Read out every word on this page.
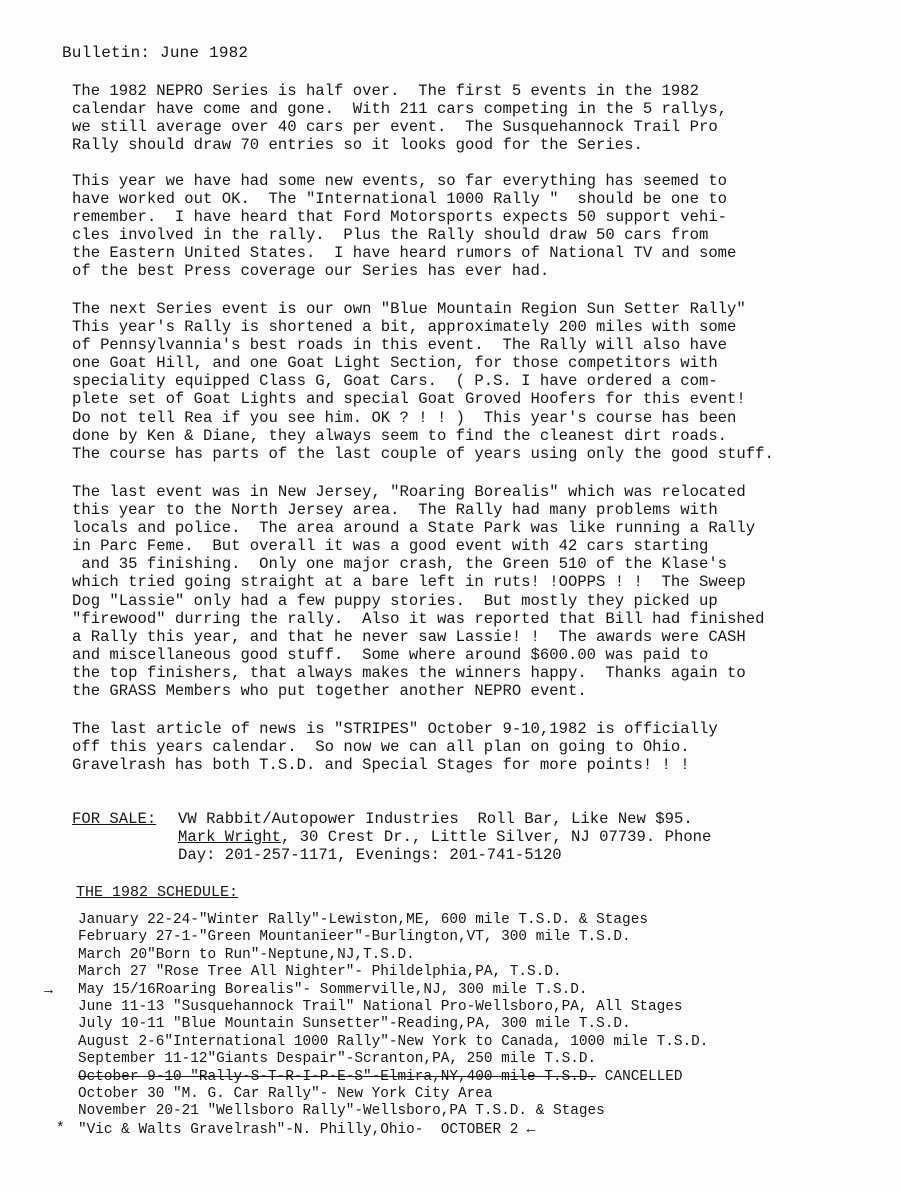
Bulletin: June 1982

The 1982 NEPRO Series is half over.  The first 5 events in the 1982
calendar have come and gone.  With 211 cars competing in the 5 rallys,
we still average over 40 cars per event.  The Susquehannock Trail Pro
Rally should draw 70 entries so it looks good for the Series.

This year we have had some new events, so far everything has seemed to
have worked out OK.  The "International 1000 Rally "  should be one to
remember.  I have heard that Ford Motorsports expects 50 support vehi-
cles involved in the rally.  Plus the Rally should draw 50 cars from
the Eastern United States.  I have heard rumors of National TV and some
of the best Press coverage our Series has ever had.

The next Series event is our own "Blue Mountain Region Sun Setter Rally"
This year's Rally is shortened a bit, approximately 200 miles with some
of Pennsylvannia's best roads in this event.  The Rally will also have
one Goat Hill, and one Goat Light Section, for those competitors with
speciality equipped Class G, Goat Cars.  ( P.S. I have ordered a com-
plete set of Goat Lights and special Goat Groved Hoofers for this event!
Do not tell Rea if you see him. OK ? ! ! )  This year's course has been
done by Ken & Diane, they always seem to find the cleanest dirt roads.
The course has parts of the last couple of years using only the good stuff.

The last event was in New Jersey, "Roaring Borealis" which was relocated
this year to the North Jersey area.  The Rally had many problems with
locals and police.  The area around a State Park was like running a Rally
in Parc Feme.  But overall it was a good event with 42 cars starting
and 35 finishing.  Only one major crash, the Green 510 of the Klase's
which tried going straight at a bare left in ruts! !OOPPS ! !  The Sweep
Dog "Lassie" only had a few puppy stories.  But mostly they picked up
"firewood" durring the rally.  Also it was reported that Bill had finished
a Rally this year, and that he never saw Lassie! !  The awards were CASH
and miscellaneous good stuff.  Some where around $600.00 was paid to
the top finishers, that always makes the winners happy.  Thanks again to
the GRASS Members who put together another NEPRO event.

The last article of news is "STRIPES" October 9-10,1982 is officially
off this years calendar.  So now we can all plan on going to Ohio.
Gravelrash has both T.S.D. and Special Stages for more points! ! !

FOR SALE:	VW Rabbit/Autopower Industries  Roll Bar, Like New $95.
Mark Wright, 30 Crest Dr., Little Silver, NJ 07739. Phone
Day: 201-257-1171, Evenings: 201-741-5120
THE 1982 SCHEDULE:
January 22-24-"Winter Rally"-Lewiston,ME, 600 mile T.S.D. & Stages
February 27-1-"Green Mountanieer"-Burlington,VT, 300 mile T.S.D.
March 20"Born to Run"-Neptune,NJ,T.S.D.
March 27 "Rose Tree All Nighter"- Phildelphia,PA, T.S.D.
→ May 15/16Roaring Borealis"- Sommerville,NJ, 300 mile T.S.D.
June 11-13 "Susquehannock Trail" National Pro-Wellsboro,PA, All Stages
July 10-11 "Blue Mountain Sunsetter"-Reading,PA, 300 mile T.S.D.
August 2-6"International 1000 Rally"-New York to Canada, 1000 mile T.S.D.
September 11-12"Giants Despair"-Scranton,PA, 250 mile T.S.D.
October 9-10 "Rally-S-T-R-I-P-E-S"-Elmira,NY,400 mile T.S.D. CANCELLED
October 30 "M. G. Car Rally"- New York City Area
November 20-21 "Wellsboro Rally"-Wellsboro,PA T.S.D. & Stages
* "Vic & Walts Gravelrash"-N. Philly,Ohio-  OCTOBER 2 ←
